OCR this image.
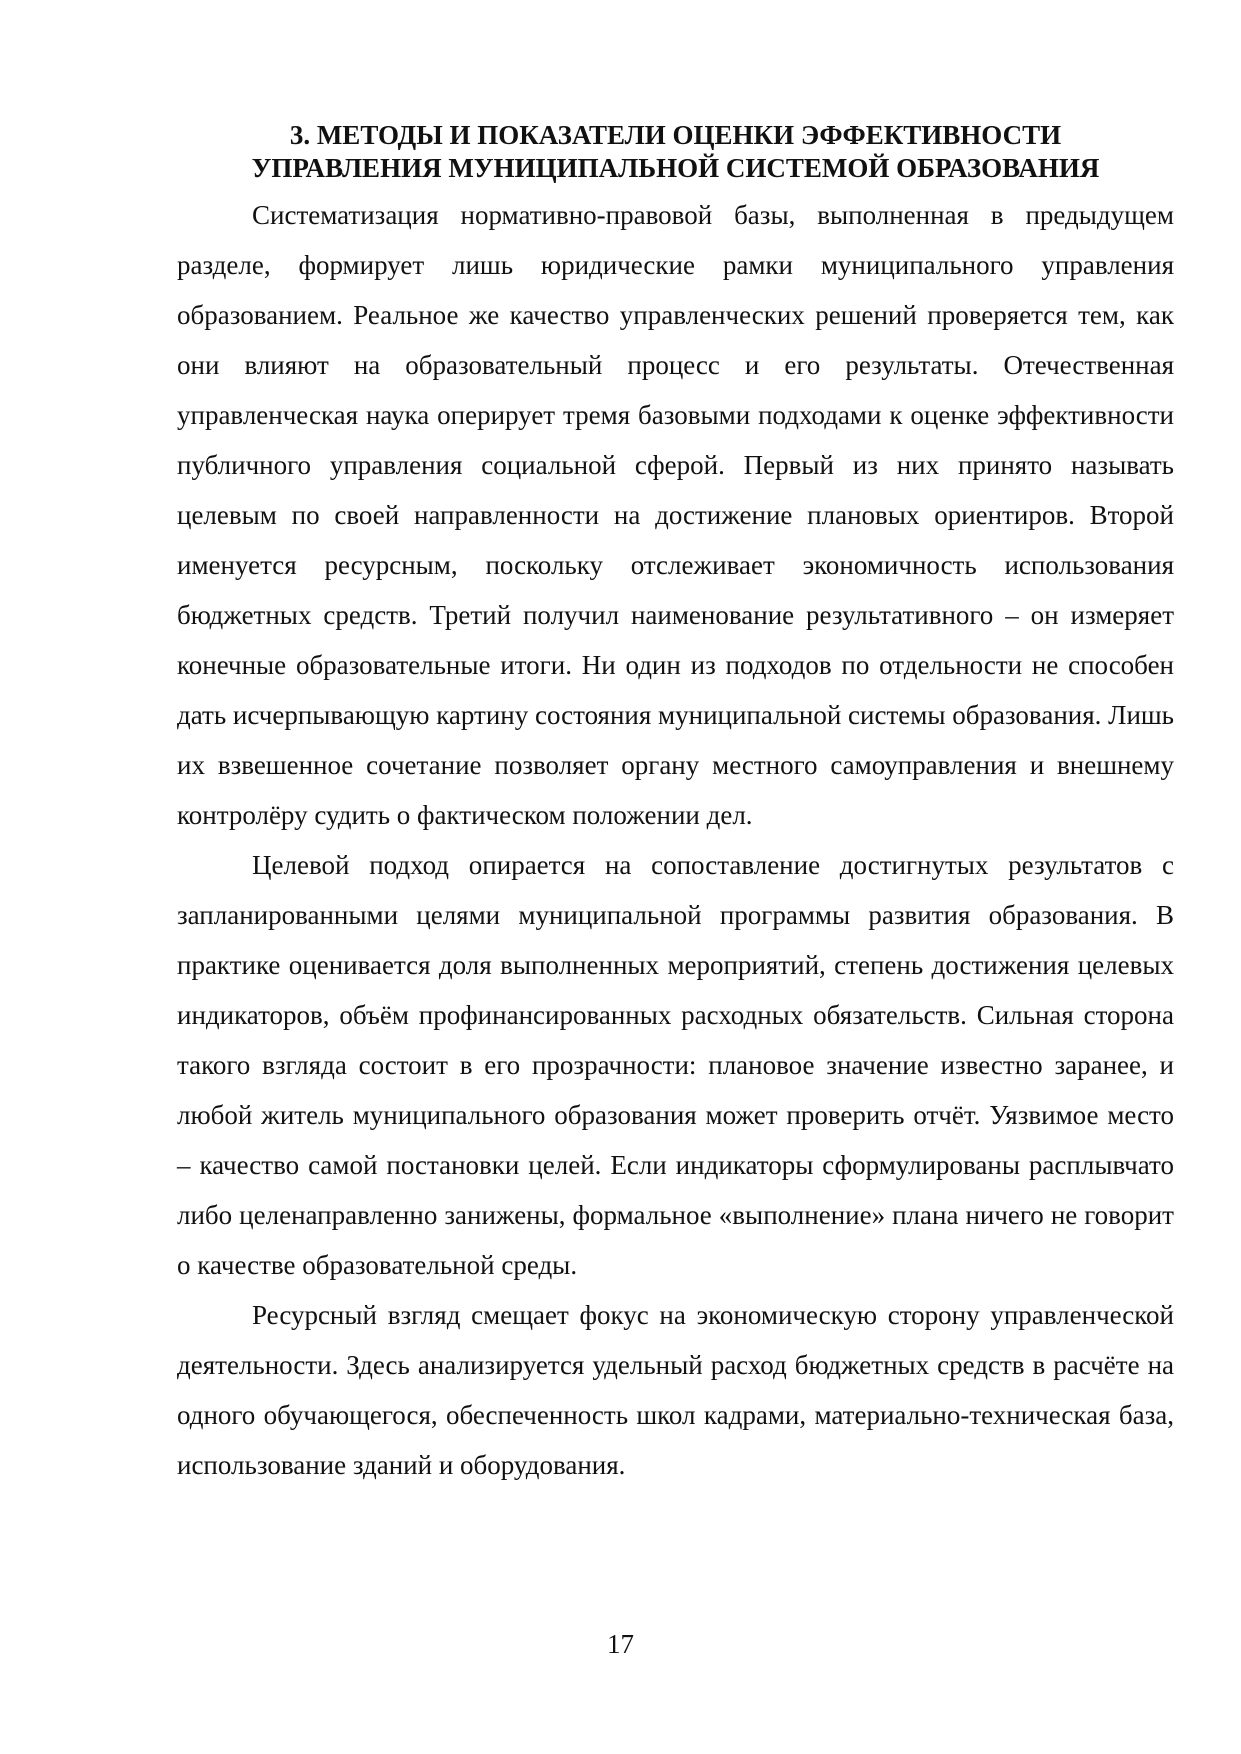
3. МЕТОДЫ И ПОКАЗАТЕЛИ ОЦЕНКИ ЭФФЕКТИВНОСТИ
УПРАВЛЕНИЯ МУНИЦИПАЛЬНОЙ СИСТЕМОЙ ОБРАЗОВАНИЯ

Систематизация нормативно-правовой базы, выполненная в предыдущем разделе, формирует лишь юридические рамки муниципального управления образованием. Реальное же качество управленческих решений проверяется тем, как они влияют на образовательный процесс и его результаты. Отечественная управленческая наука оперирует тремя базовыми подходами к оценке эффективности публичного управления социальной сферой. Первый из них принято называть целевым по своей направленности на достижение плановых ориентиров. Второй именуется ресурсным, поскольку отслеживает экономичность использования бюджетных средств. Третий получил наименование результативного – он измеряет конечные образовательные итоги. Ни один из подходов по отдельности не способен дать исчерпывающую картину состояния муниципальной системы образования. Лишь их взвешенное сочетание позволяет органу местного самоуправления и внешнему контролёру судить о фактическом положении дел.

Целевой подход опирается на сопоставление достигнутых результатов с запланированными целями муниципальной программы развития образования. В практике оценивается доля выполненных мероприятий, степень достижения целевых индикаторов, объём профинансированных расходных обязательств. Сильная сторона такого взгляда состоит в его прозрачности: плановое значение известно заранее, и любой житель муниципального образования может проверить отчёт. Уязвимое место – качество самой постановки целей. Если индикаторы сформулированы расплывчато либо целенаправленно занижены, формальное «выполнение» плана ничего не говорит о качестве образовательной среды.

Ресурсный взгляд смещает фокус на экономическую сторону управленческой деятельности. Здесь анализируется удельный расход бюджетных средств в расчёте на одного обучающегося, обеспеченность школ кадрами, материально-техническая база, использование зданий и оборудования.

17
